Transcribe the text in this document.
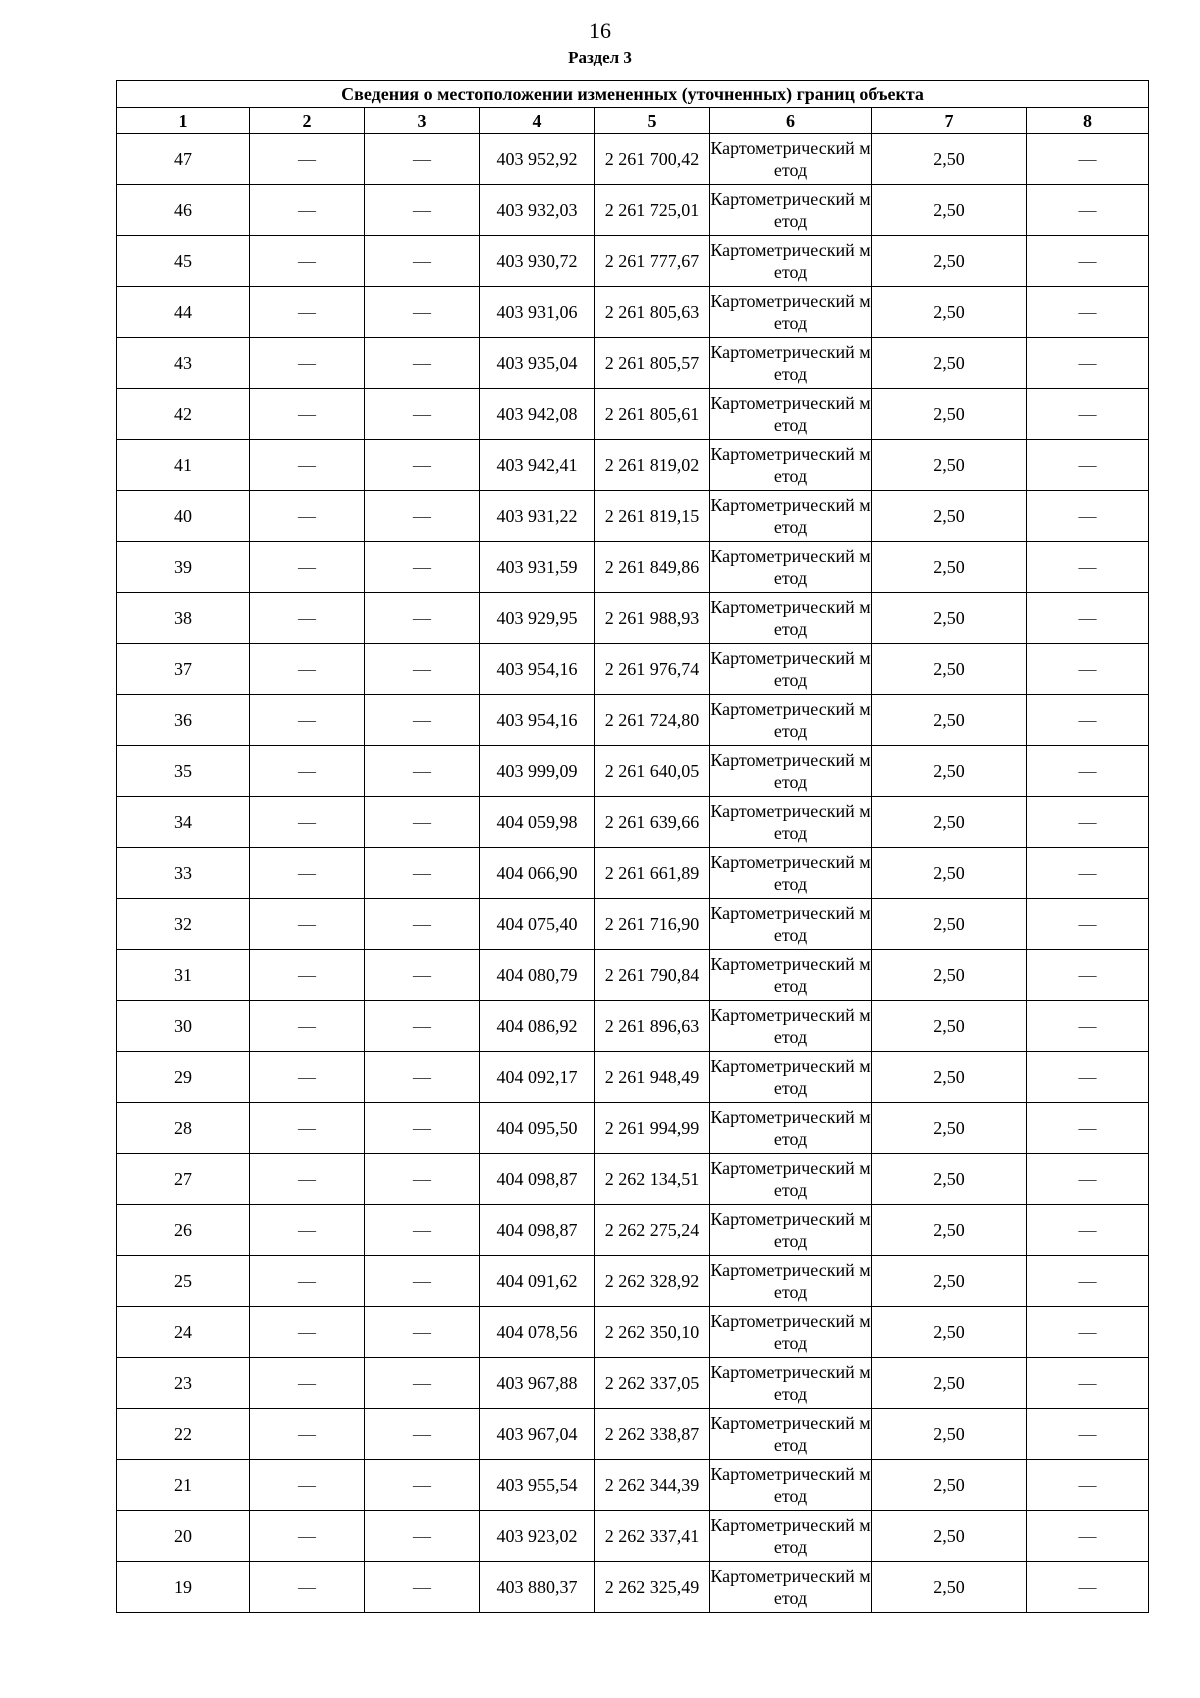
16
Раздел 3
Сведения о местоположении измененных (уточненных) границ объекта							
1	2	3	4	5	6	7	8
47	—	—	403 952,92	2 261 700,42	Картометрический метод	2,50	—
46	—	—	403 932,03	2 261 725,01	Картометрический метод	2,50	—
45	—	—	403 930,72	2 261 777,67	Картометрический метод	2,50	—
44	—	—	403 931,06	2 261 805,63	Картометрический метод	2,50	—
43	—	—	403 935,04	2 261 805,57	Картометрический метод	2,50	—
42	—	—	403 942,08	2 261 805,61	Картометрический метод	2,50	—
41	—	—	403 942,41	2 261 819,02	Картометрический метод	2,50	—
40	—	—	403 931,22	2 261 819,15	Картометрический метод	2,50	—
39	—	—	403 931,59	2 261 849,86	Картометрический метод	2,50	—
38	—	—	403 929,95	2 261 988,93	Картометрический метод	2,50	—
37	—	—	403 954,16	2 261 976,74	Картометрический метод	2,50	—
36	—	—	403 954,16	2 261 724,80	Картометрический метод	2,50	—
35	—	—	403 999,09	2 261 640,05	Картометрический метод	2,50	—
34	—	—	404 059,98	2 261 639,66	Картометрический метод	2,50	—
33	—	—	404 066,90	2 261 661,89	Картометрический метод	2,50	—
32	—	—	404 075,40	2 261 716,90	Картометрический метод	2,50	—
31	—	—	404 080,79	2 261 790,84	Картометрический метод	2,50	—
30	—	—	404 086,92	2 261 896,63	Картометрический метод	2,50	—
29	—	—	404 092,17	2 261 948,49	Картометрический метод	2,50	—
28	—	—	404 095,50	2 261 994,99	Картометрический метод	2,50	—
27	—	—	404 098,87	2 262 134,51	Картометрический метод	2,50	—
26	—	—	404 098,87	2 262 275,24	Картометрический метод	2,50	—
25	—	—	404 091,62	2 262 328,92	Картометрический метод	2,50	—
24	—	—	404 078,56	2 262 350,10	Картометрический метод	2,50	—
23	—	—	403 967,88	2 262 337,05	Картометрический метод	2,50	—
22	—	—	403 967,04	2 262 338,87	Картометрический метод	2,50	—
21	—	—	403 955,54	2 262 344,39	Картометрический метод	2,50	—
20	—	—	403 923,02	2 262 337,41	Картометрический метод	2,50	—
19	—	—	403 880,37	2 262 325,49	Картометрический метод	2,50	—
